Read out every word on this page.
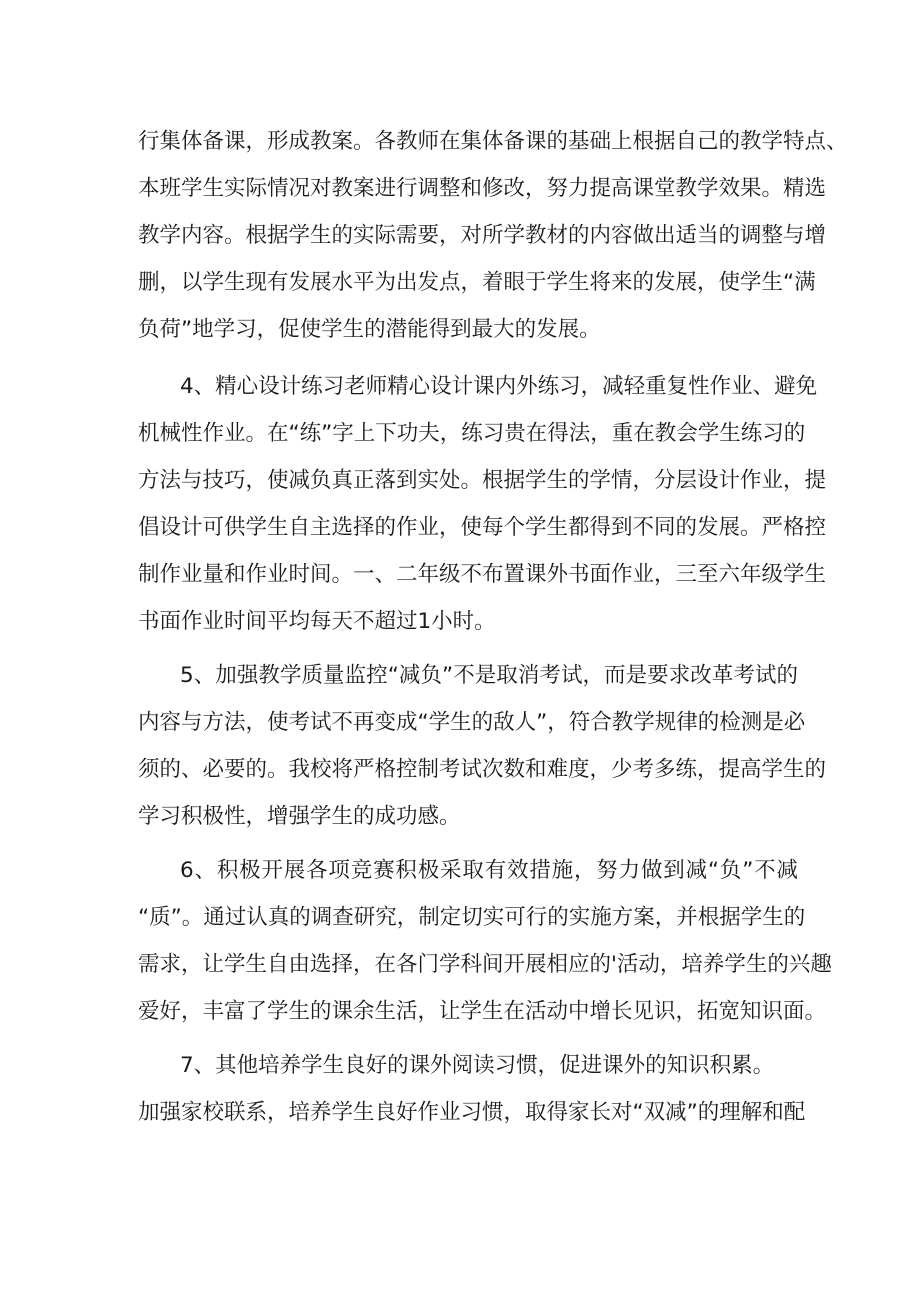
行集体备课，形成教案。各教师在集体备课的基础上根据自己的教学特点、
本班学生实际情况对教案进行调整和修改，努力提高课堂教学效果。精选
教学内容。根据学生的实际需要，对所学教材的内容做出适当的调整与增
删，以学生现有发展水平为出发点，着眼于学生将来的发展，使学生“满
负荷”地学习，促使学生的潜能得到最大的发展。
4、精心设计练习老师精心设计课内外练习，减轻重复性作业、避免
机械性作业。在“练”字上下功夫，练习贵在得法，重在教会学生练习的
方法与技巧，使减负真正落到实处。根据学生的学情，分层设计作业，提
倡设计可供学生自主选择的作业，使每个学生都得到不同的发展。严格控
制作业量和作业时间。一、二年级不布置课外书面作业，三至六年级学生
书面作业时间平均每天不超过1小时。
5、加强教学质量监控“减负”不是取消考试，而是要求改革考试的
内容与方法，使考试不再变成“学生的敌人”，符合教学规律的检测是必
须的、必要的。我校将严格控制考试次数和难度，少考多练，提高学生的
学习积极性，增强学生的成功感。
6、积极开展各项竞赛积极采取有效措施，努力做到减“负”不减
“质”。通过认真的调查研究，制定切实可行的实施方案，并根据学生的
需求，让学生自由选择，在各门学科间开展相应的'活动，培养学生的兴趣
爱好，丰富了学生的课余生活，让学生在活动中增长见识，拓宽知识面。
7、其他培养学生良好的课外阅读习惯，促进课外的知识积累。
加强家校联系，培养学生良好作业习惯，取得家长对“双减”的理解和配
